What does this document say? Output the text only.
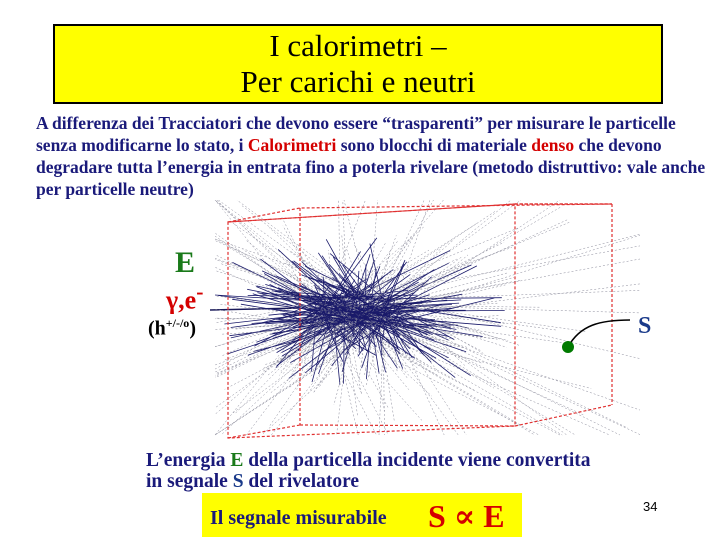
I calorimetri –
Per carichi e neutri
A differenza dei Tracciatori che devono essere “trasparenti” per misurare le particelle senza modificarne lo stato, i Calorimetri sono blocchi di materiale denso che devono degradare tutta l’energia in entrata fino a poterla rivelare (metodo distruttivo: vale anche per particelle neutre)
E
γ,e-
$(h^{+/-/o})$	S
L’energia E della particella incidente viene convertita in segnale S del rivelatore
Il segnale misurabile S ∝ E	34
